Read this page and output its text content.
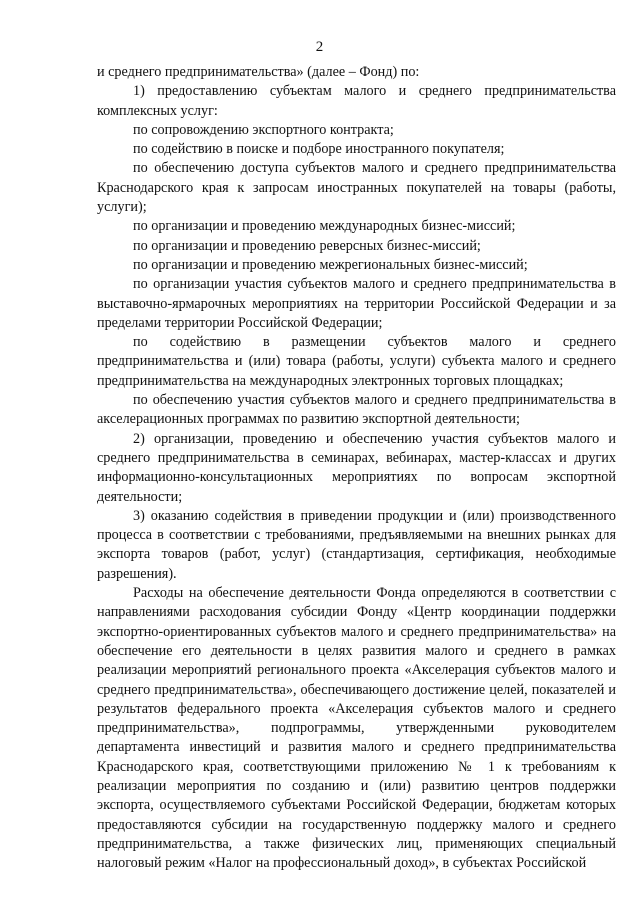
2

и среднего предпринимательства» (далее – Фонд) по:

1) предоставлению субъектам малого и среднего предпринимательства комплексных услуг:

по сопровождению экспортного контракта;

по содействию в поиске и подборе иностранного покупателя;

по обеспечению доступа субъектов малого и среднего предпринимательства Краснодарского края к запросам иностранных покупателей на товары (работы, услуги);

по организации и проведению международных бизнес-миссий;

по организации и проведению реверсных бизнес-миссий;

по организации и проведению межрегиональных бизнес-миссий;

по организации участия субъектов малого и среднего предпринимательства в выставочно-ярмарочных мероприятиях на территории Российской Федерации и за пределами территории Российской Федерации;

по содействию в размещении субъектов малого и среднего предпринимательства и (или) товара (работы, услуги) субъекта малого и среднего предпринимательства на международных электронных торговых площадках;

по обеспечению участия субъектов малого и среднего предпринимательства в акселерационных программах по развитию экспортной деятельности;

2) организации, проведению и обеспечению участия субъектов малого и среднего предпринимательства в семинарах, вебинарах, мастер-классах и других информационно-консультационных мероприятиях по вопросам экспортной деятельности;

3) оказанию содействия в приведении продукции и (или) производственного процесса в соответствии с требованиями, предъявляемыми на внешних рынках для экспорта товаров (работ, услуг) (стандартизация, сертификация, необходимые разрешения).

Расходы на обеспечение деятельности Фонда определяются в соответствии с направлениями расходования субсидии Фонду «Центр координации поддержки экспортно-ориентированных субъектов малого и среднего предпринимательства» на обеспечение его деятельности в целях развития малого и среднего в рамках реализации мероприятий регионального проекта «Акселерация субъектов малого и среднего предпринимательства», обеспечивающего достижение целей, показателей и результатов федерального проекта «Акселерация субъектов малого и среднего предпринимательства», подпрограммы, утвержденными руководителем департамента инвестиций и развития малого и среднего предпринимательства Краснодарского края, соответствующими приложению № 1 к требованиям к реализации мероприятия по созданию и (или) развитию центров поддержки экспорта, осуществляемого субъектами Российской Федерации, бюджетам которых предоставляются субсидии на государственную поддержку малого и среднего предпринимательства, а также физических лиц, применяющих специальный налоговый режим «Налог на профессиональный доход», в субъектах Российской
